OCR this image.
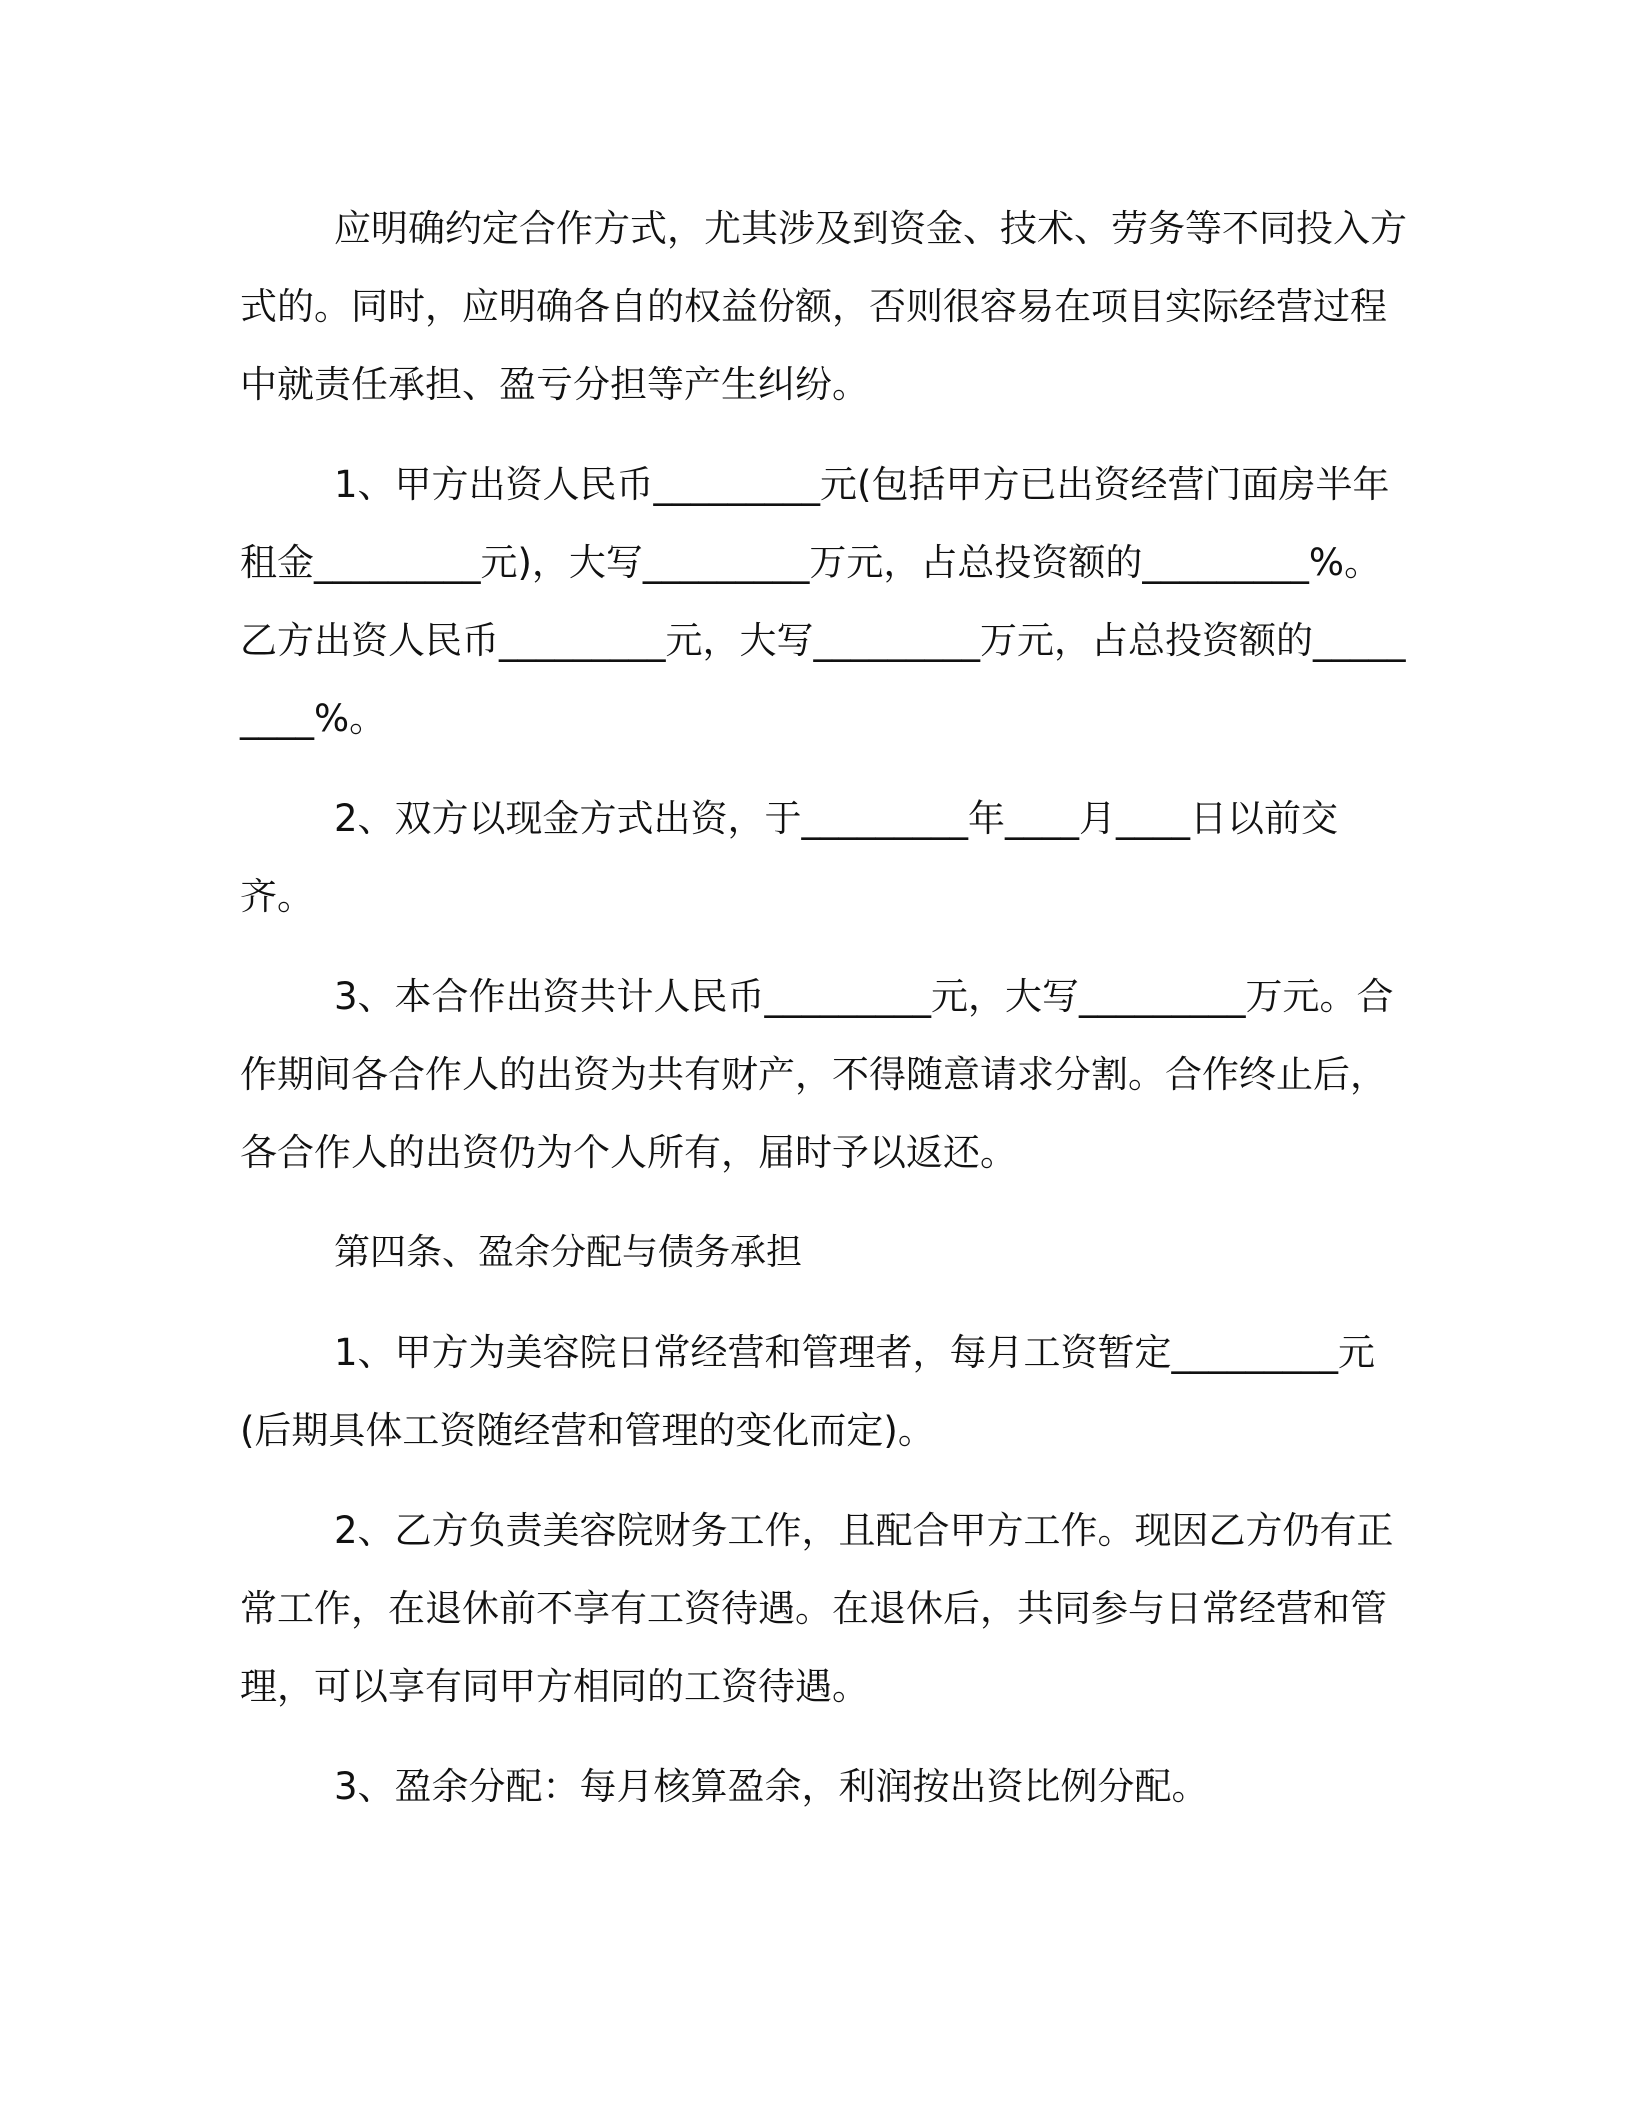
应明确约定合作方式，尤其涉及到资金、技术、劳务等不同投入方式的。同时，应明确各自的权益份额，否则很容易在项目实际经营过程中就责任承担、盈亏分担等产生纠纷。

1、甲方出资人民币_________元(包括甲方已出资经营门面房半年租金_________元)，大写_________万元，占总投资额的_________%。乙方出资人民币_________元，大写_________万元，占总投资额的_________%。

2、双方以现金方式出资，于_________年____月____日以前交齐。

3、本合作出资共计人民币_________元，大写_________万元。合作期间各合作人的出资为共有财产，不得随意请求分割。合作终止后，各合作人的出资仍为个人所有，届时予以返还。

第四条、盈余分配与债务承担

1、甲方为美容院日常经营和管理者，每月工资暂定_________元(后期具体工资随经营和管理的变化而定)。

2、乙方负责美容院财务工作，且配合甲方工作。现因乙方仍有正常工作，在退休前不享有工资待遇。在退休后，共同参与日常经营和管理，可以享有同甲方相同的工资待遇。

3、盈余分配：每月核算盈余，利润按出资比例分配。
